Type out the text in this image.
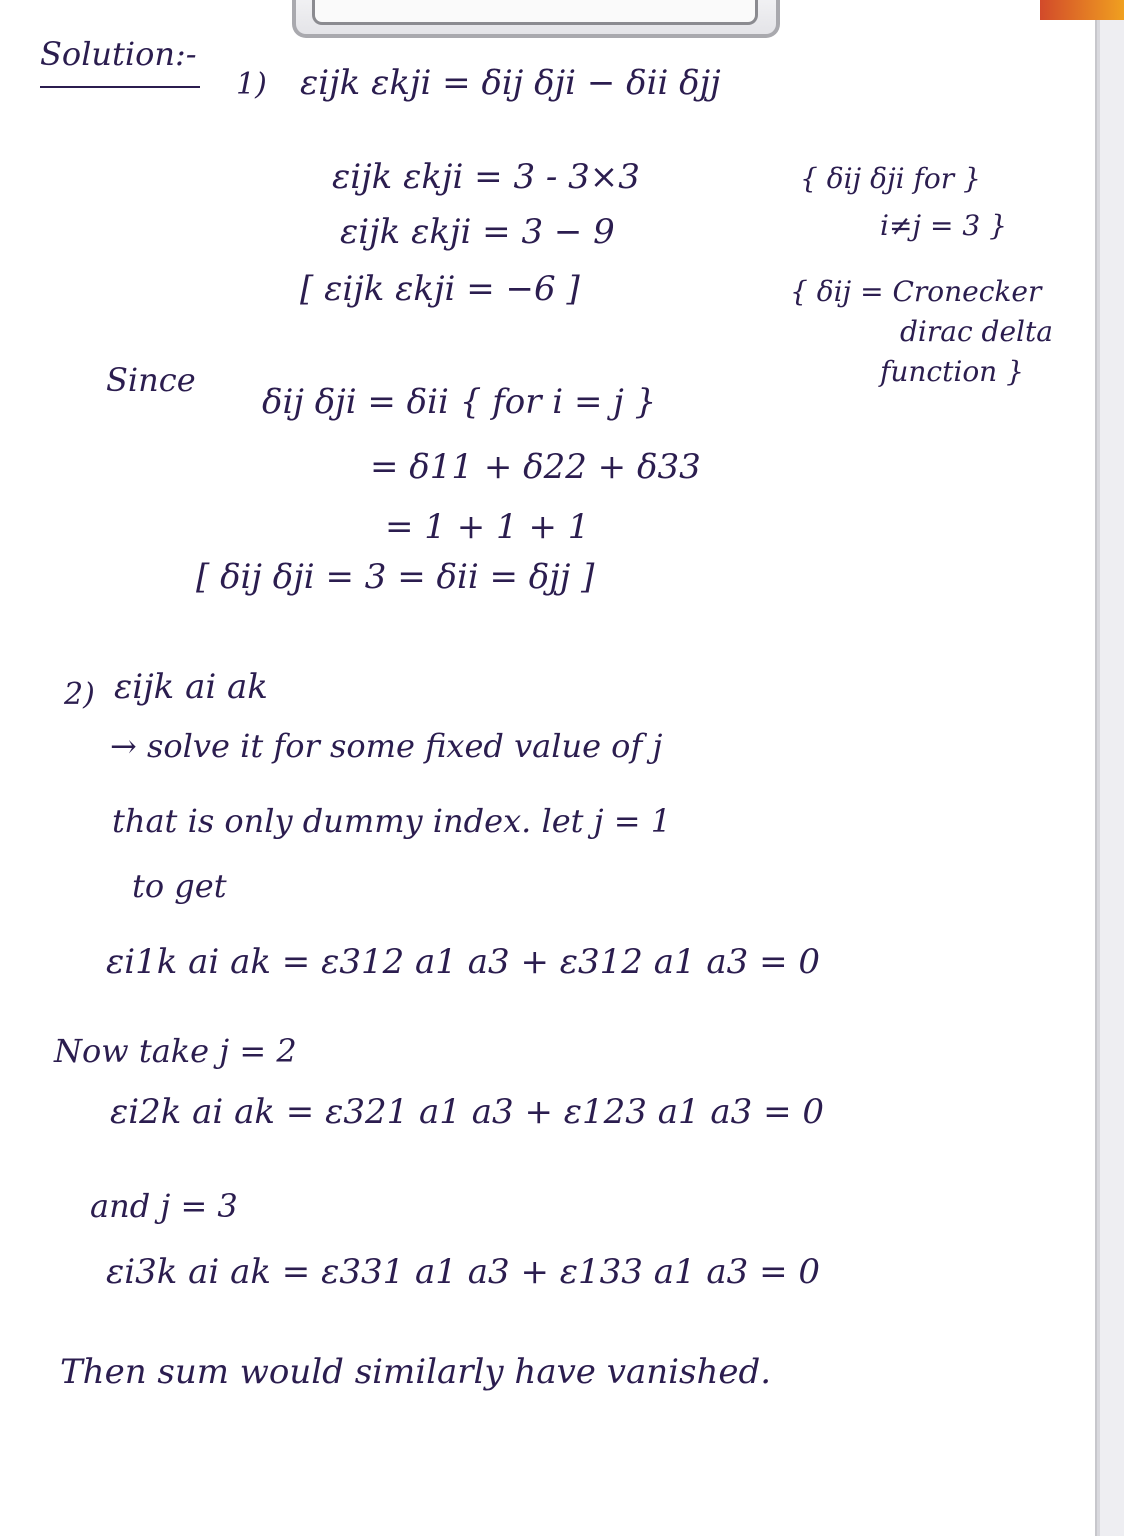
Solution:-
1) εijk εkji = δij δji − δii δjj
εijk εkji = 3 - 3×3	{ δij δji for }
i≠j = 3 }
εijk εkji = 3 − 9
[ εijk εkji = −6 ]	{ δij = Cronecker
dirac delta
function }
Since
δij δji = δii { for i = j }
= δ11 + δ22 + δ33
= 1 + 1 + 1
[ δij δji = 3 = δii = δjj ]
2) εijk ai ak
→ solve it for some fixed value of j
that is only dummy index. let j = 1
to get
εi1k ai ak = ε312 a1 a3 + ε312 a1 a3 = 0
Now take j = 2
εi2k ai ak = ε321 a1 a3 + ε123 a1 a3 = 0
and j = 3
εi3k ai ak = ε331 a1 a3 + ε133 a1 a3 = 0
Then sum would similarly have vanished.
